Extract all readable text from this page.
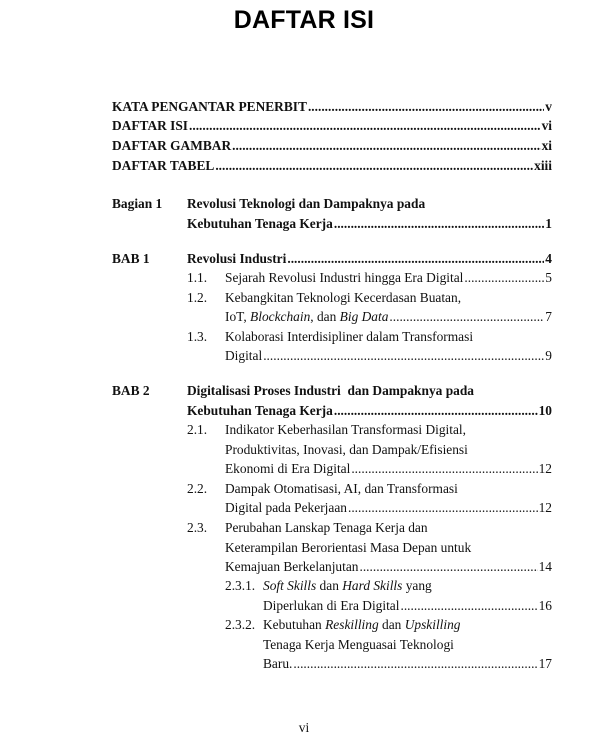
DAFTAR ISI
KATA PENGANTAR PENERBIT .....	v
DAFTAR ISI .....	vi
DAFTAR GAMBAR .....	xi
DAFTAR TABEL .....	xiii
Bagian 1 Revolusi Teknologi dan Dampaknya pada
Kebutuhan Tenaga Kerja .....	1
BAB 1	Revolusi Industri .....	4
1.1. Sejarah Revolusi Industri hingga Era Digital .....	5
1.2. Kebangkitan Teknologi Kecerdasan Buatan,
IoT, Blockchain, dan Big Data .....	7
1.3. Kolaborasi Interdisipliner dalam Transformasi
Digital .....	9
BAB 2	Digitalisasi Proses Industri  dan Dampaknya pada
Kebutuhan Tenaga Kerja .....	10
2.1. Indikator Keberhasilan Transformasi Digital,
Produktivitas, Inovasi, dan Dampak/Efisiensi
Ekonomi di Era Digital .....	12
2.2. Dampak Otomatisasi, AI, dan Transformasi
Digital pada Pekerjaan .....	12
2.3. Perubahan Lanskap Tenaga Kerja dan
Keterampilan Berorientasi Masa Depan untuk
Kemajuan Berkelanjutan .....	14
2.3.1. Soft Skills dan Hard Skills yang
Diperlukan di Era Digital .....	16
2.3.2. Kebutuhan Reskilling dan Upskilling
Tenaga Kerja Menguasai Teknologi
Baru. .....	17
vi
